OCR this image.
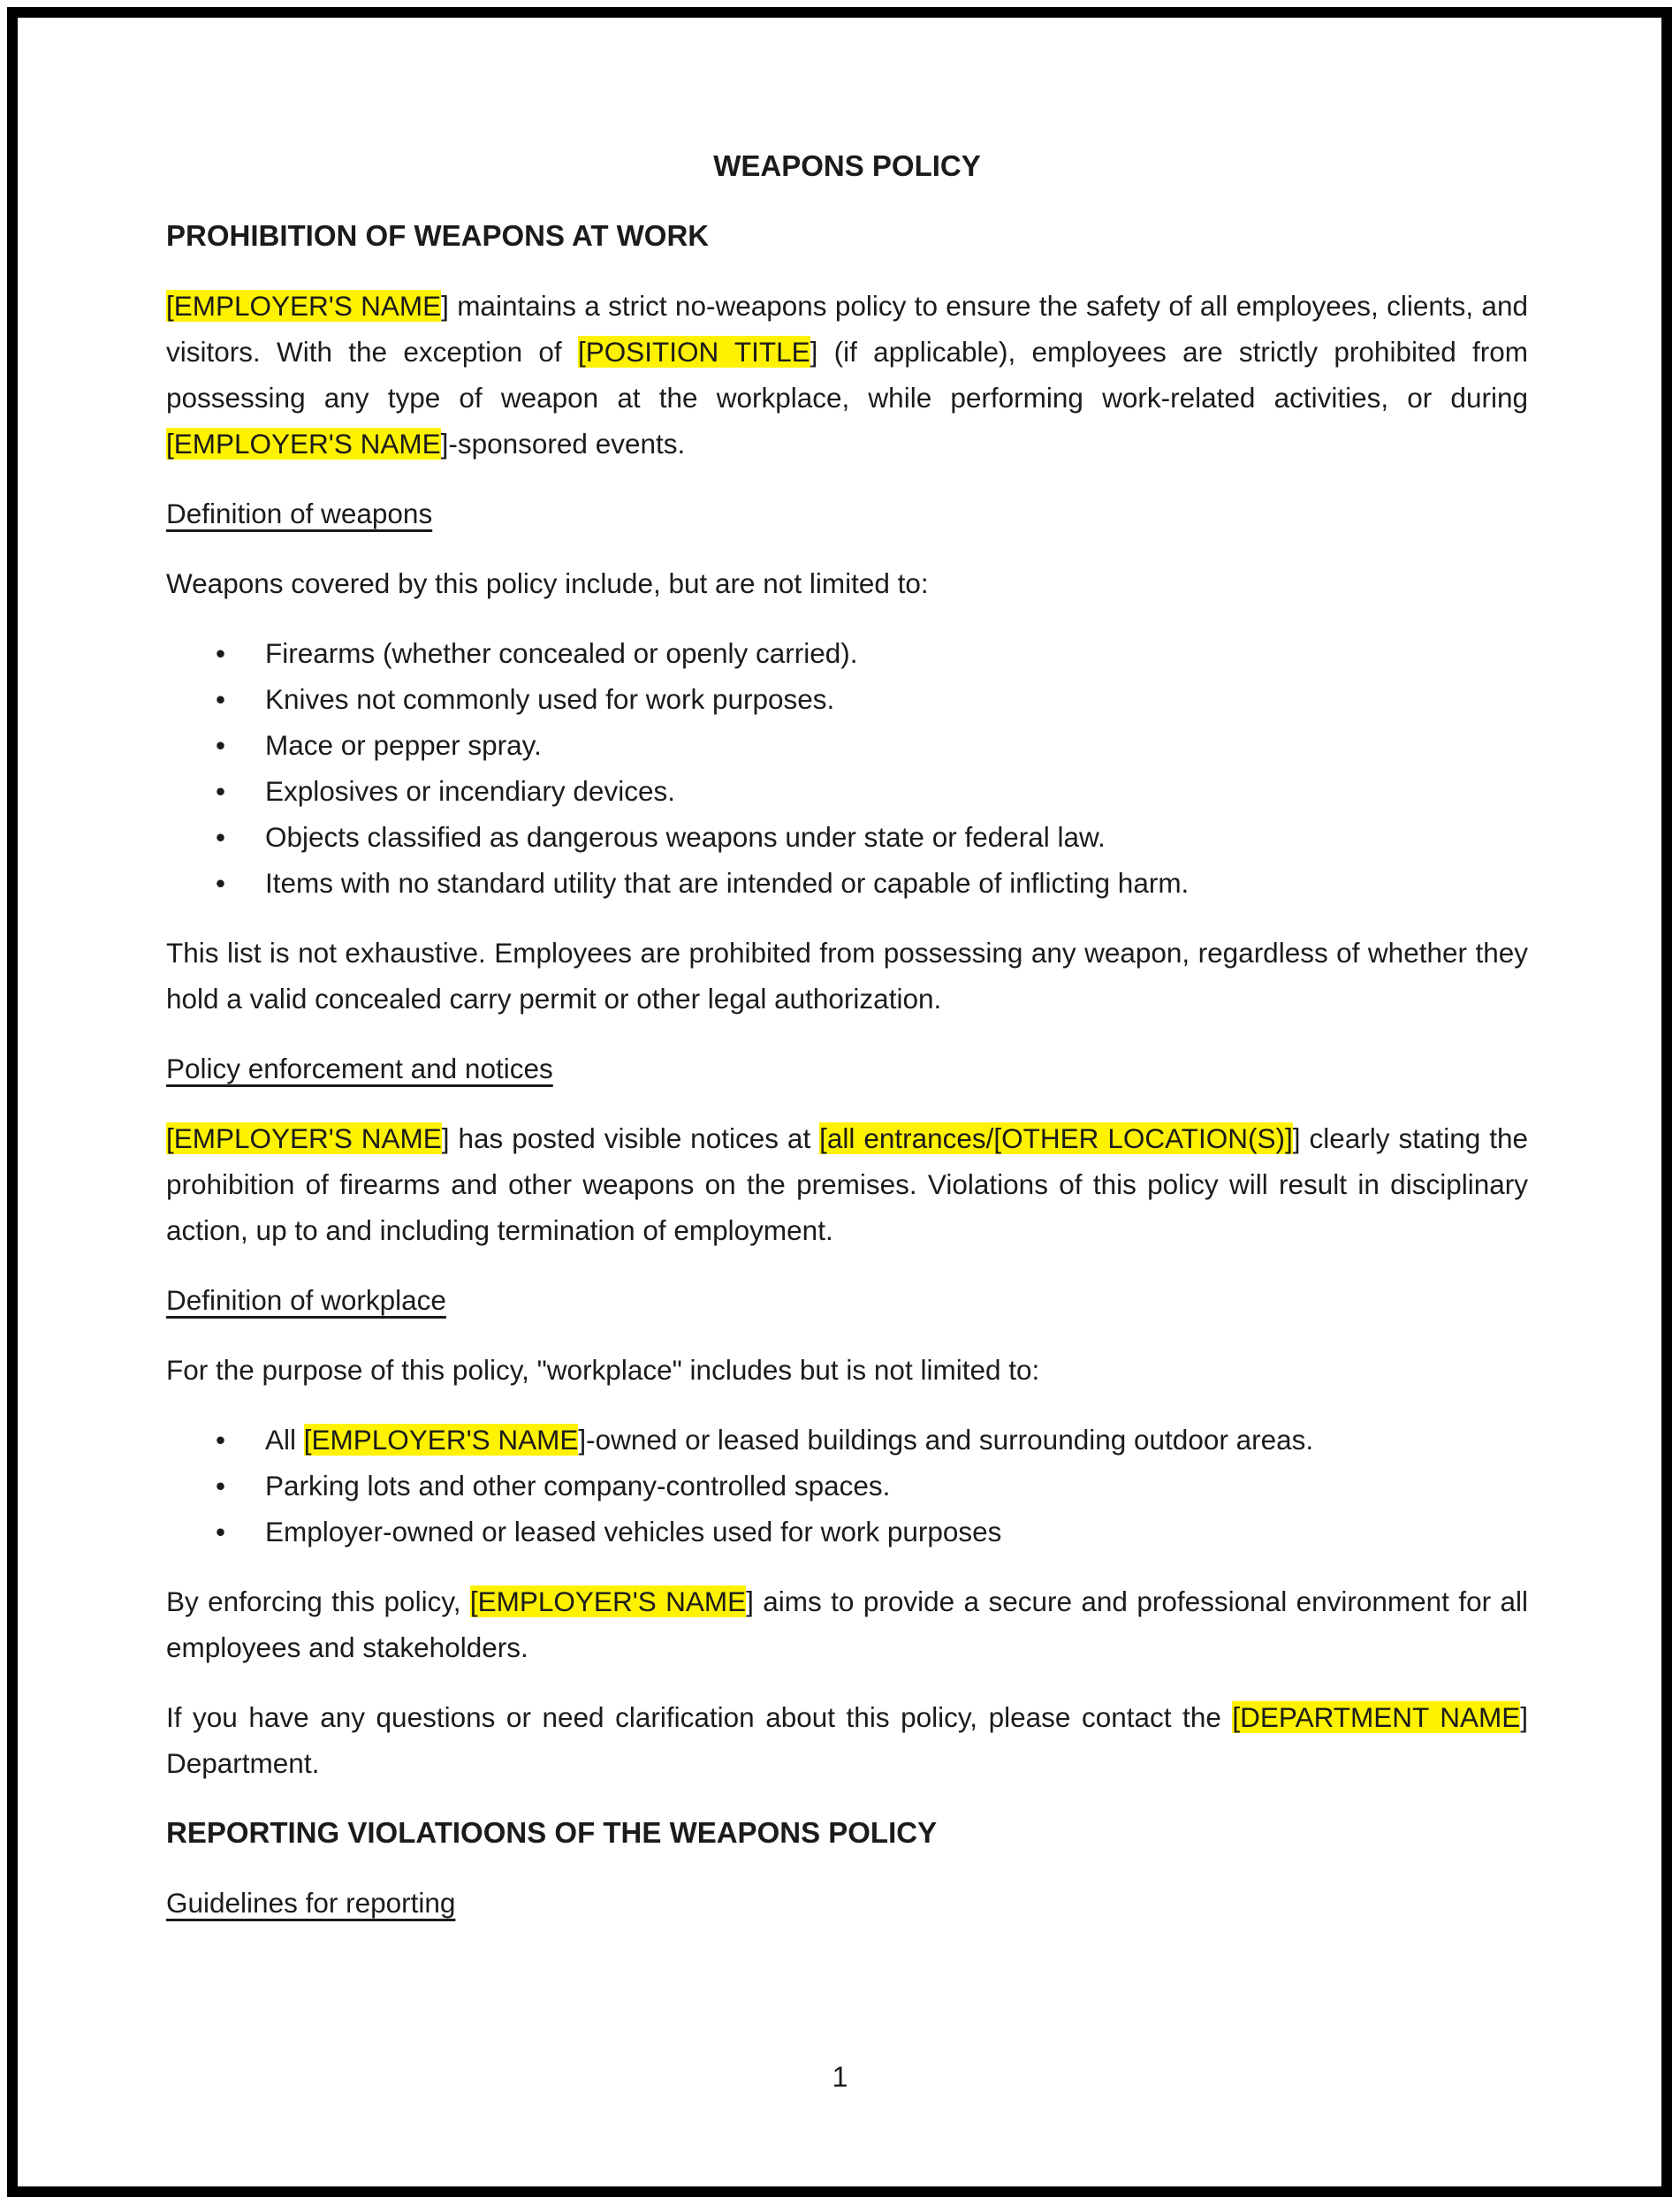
WEAPONS POLICY

PROHIBITION OF WEAPONS AT WORK

[EMPLOYER'S NAME] maintains a strict no-weapons policy to ensure the safety of all employees, clients, and visitors. With the exception of [POSITION TITLE] (if applicable), employees are strictly prohibited from possessing any type of weapon at the workplace, while performing work-related activities, or during [EMPLOYER'S NAME]-sponsored events.

Definition of weapons

Weapons covered by this policy include, but are not limited to:

• Firearms (whether concealed or openly carried).
• Knives not commonly used for work purposes.
• Mace or pepper spray.
• Explosives or incendiary devices.
• Objects classified as dangerous weapons under state or federal law.
• Items with no standard utility that are intended or capable of inflicting harm.

This list is not exhaustive. Employees are prohibited from possessing any weapon, regardless of whether they hold a valid concealed carry permit or other legal authorization.

Policy enforcement and notices

[EMPLOYER'S NAME] has posted visible notices at [all entrances/[OTHER LOCATION(S)]] clearly stating the prohibition of firearms and other weapons on the premises. Violations of this policy will result in disciplinary action, up to and including termination of employment.

Definition of workplace

For the purpose of this policy, "workplace" includes but is not limited to:

• All [EMPLOYER'S NAME]-owned or leased buildings and surrounding outdoor areas.
• Parking lots and other company-controlled spaces.
• Employer-owned or leased vehicles used for work purposes

By enforcing this policy, [EMPLOYER'S NAME] aims to provide a secure and professional environment for all employees and stakeholders.

If you have any questions or need clarification about this policy, please contact the [DEPARTMENT NAME] Department.

REPORTING VIOLATIOONS OF THE WEAPONS POLICY

Guidelines for reporting

1
